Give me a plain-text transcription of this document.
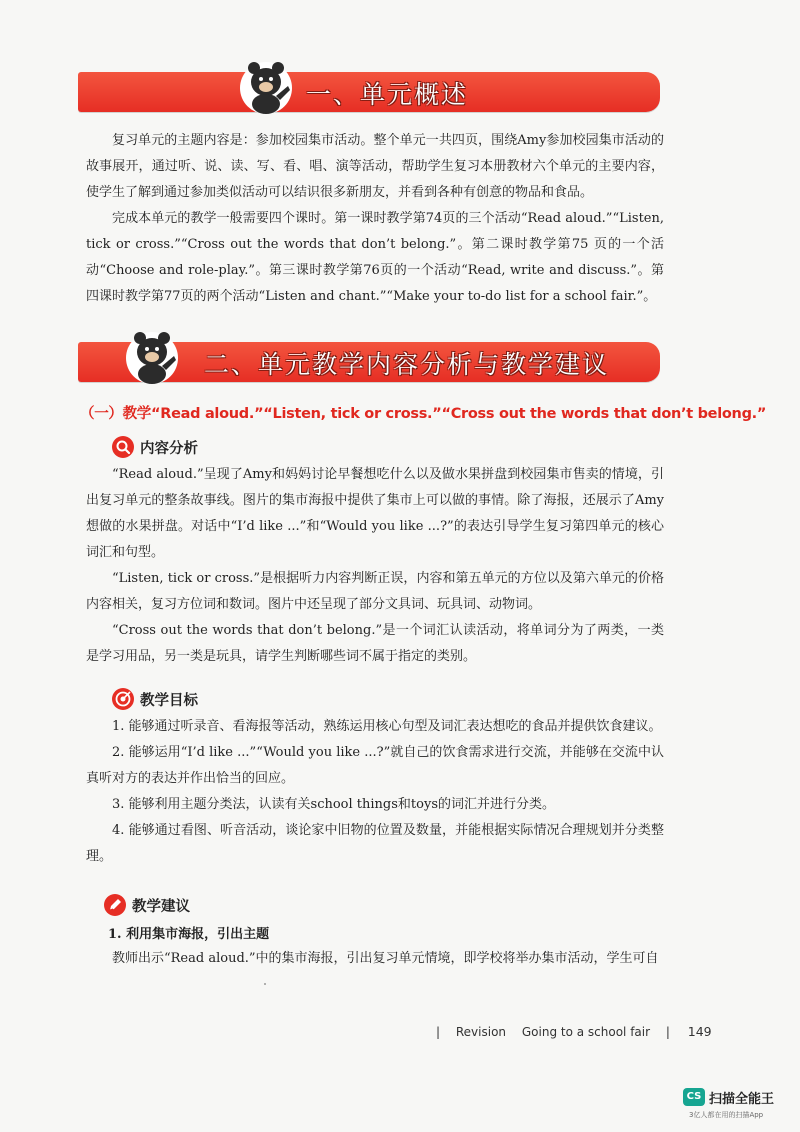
一、单元概述

复习单元的主题内容是：参加校园集市活动。整个单元一共四页，围绕Amy参加校园集市活动的故事展开，通过听、说、读、写、看、唱、演等活动，帮助学生复习本册教材六个单元的主要内容，使学生了解到通过参加类似活动可以结识很多新朋友，并看到各种有创意的物品和食品。

完成本单元的教学一般需要四个课时。第一课时教学第74页的三个活动“Read aloud.”“Listen, tick or cross.”“Cross out the words that don’t belong.”。第二课时教学第75 页的一个活动“Choose and role-play.”。第三课时教学第76页的一个活动“Read, write and discuss.”。第四课时教学第77页的两个活动“Listen and chant.”“Make your to-do list for a school fair.”。

二、单元教学内容分析与教学建议
（一）教学“Read aloud.”“Listen, tick or cross.”“Cross out the words that don’t belong.”
内容分析

“Read aloud.”呈现了Amy和妈妈讨论早餐想吃什么以及做水果拼盘到校园集市售卖的情境，引出复习单元的整条故事线。图片的集市海报中提供了集市上可以做的事情。除了海报，还展示了Amy想做的水果拼盘。对话中“I’d like ...”和“Would you like ...?”的表达引导学生复习第四单元的核心词汇和句型。

“Listen, tick or cross.”是根据听力内容判断正误，内容和第五单元的方位以及第六单元的价格内容相关，复习方位词和数词。图片中还呈现了部分文具词、玩具词、动物词。

“Cross out the words that don’t belong.”是一个词汇认读活动，将单词分为了两类，一类是学习用品，另一类是玩具，请学生判断哪些词不属于指定的类别。

教学目标

1. 能够通过听录音、看海报等活动，熟练运用核心句型及词汇表达想吃的食品并提供饮食建议。

2. 能够运用“I’d like ...”“Would you like ...?”就自己的饮食需求进行交流，并能够在交流中认真听对方的表达并作出恰当的回应。

3. 能够利用主题分类法，认读有关school things和toys的词汇并进行分类。

4. 能够通过看图、听音活动，谈论家中旧物的位置及数量，并能根据实际情况合理规划并分类整理。

教学建议
1. 利用集市海报，引出主题

教师出示“Read aloud.”中的集市海报，引出复习单元情境，即学校将举办集市活动，学生可自

| Revision Going to a school fair | 149
CS 扫描全能王
3亿人都在用的扫描App
